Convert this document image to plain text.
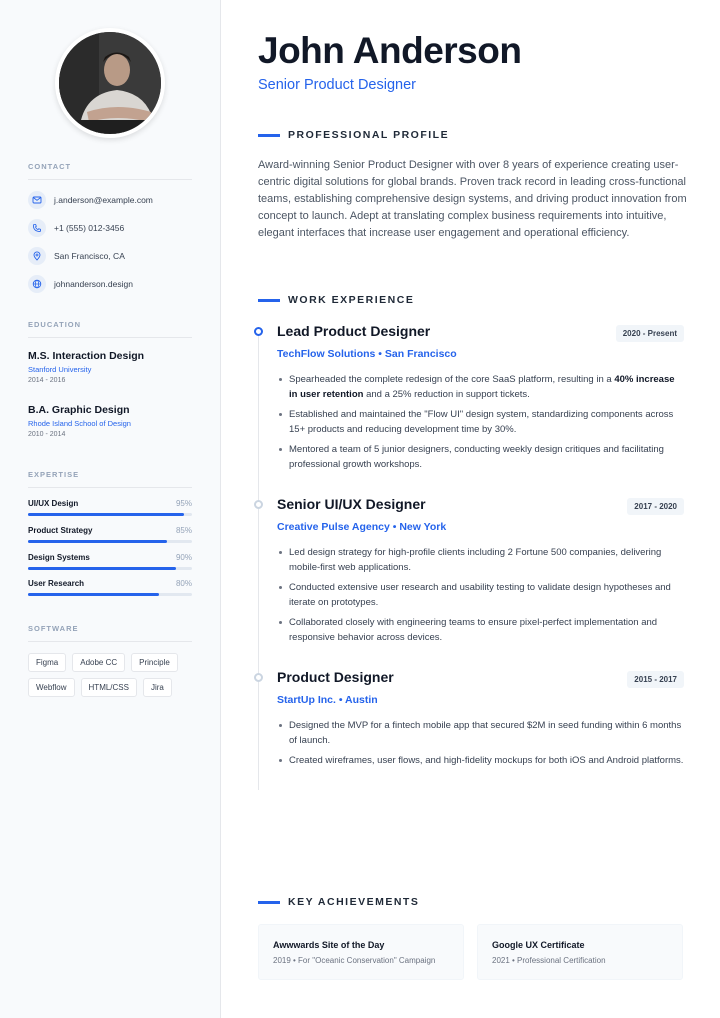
CONTACT
j.anderson@example.com
+1 (555) 012-3456
San Francisco, CA
johnanderson.design
EDUCATION
M.S. Interaction Design
Stanford University
2014 - 2016
B.A. Graphic Design
Rhode Island School of Design
2010 - 2014
EXPERTISE
UI/UX Design	95%
Product Strategy	85%
Design Systems	90%
User Research	80%
SOFTWARE
Figma	Adobe CC	Principle
Webflow	HTML/CSS	Jira
John Anderson
Senior Product Designer
PROFESSIONAL PROFILE

Award-winning Senior Product Designer with over 8 years of experience creating user-centric digital solutions for global brands. Proven track record in leading cross-functional teams, establishing comprehensive design systems, and driving product innovation from concept to launch. Adept at translating complex business requirements into intuitive, elegant interfaces that increase user engagement and operational efficiency.

WORK EXPERIENCE
Lead Product Designer	2020 - Present
TechFlow Solutions • San Francisco
Spearheaded the complete redesign of the core SaaS platform, resulting in a 40% increase in user retention and a 25% reduction in support tickets.
Established and maintained the "Flow UI" design system, standardizing components across 15+ products and reducing development time by 30%.
Mentored a team of 5 junior designers, conducting weekly design critiques and facilitating professional growth workshops.
Senior UI/UX Designer	2017 - 2020
Creative Pulse Agency • New York
Led design strategy for high-profile clients including 2 Fortune 500 companies, delivering mobile-first web applications.
Conducted extensive user research and usability testing to validate design hypotheses and iterate on prototypes.
Collaborated closely with engineering teams to ensure pixel-perfect implementation and responsive behavior across devices.
Product Designer	2015 - 2017
StartUp Inc. • Austin
Designed the MVP for a fintech mobile app that secured $2M in seed funding within 6 months of launch.
Created wireframes, user flows, and high-fidelity mockups for both iOS and Android platforms.
KEY ACHIEVEMENTS
Awwwards Site of the Day
2019 • For "Oceanic Conservation" Campaign
Google UX Certificate
2021 • Professional Certification
